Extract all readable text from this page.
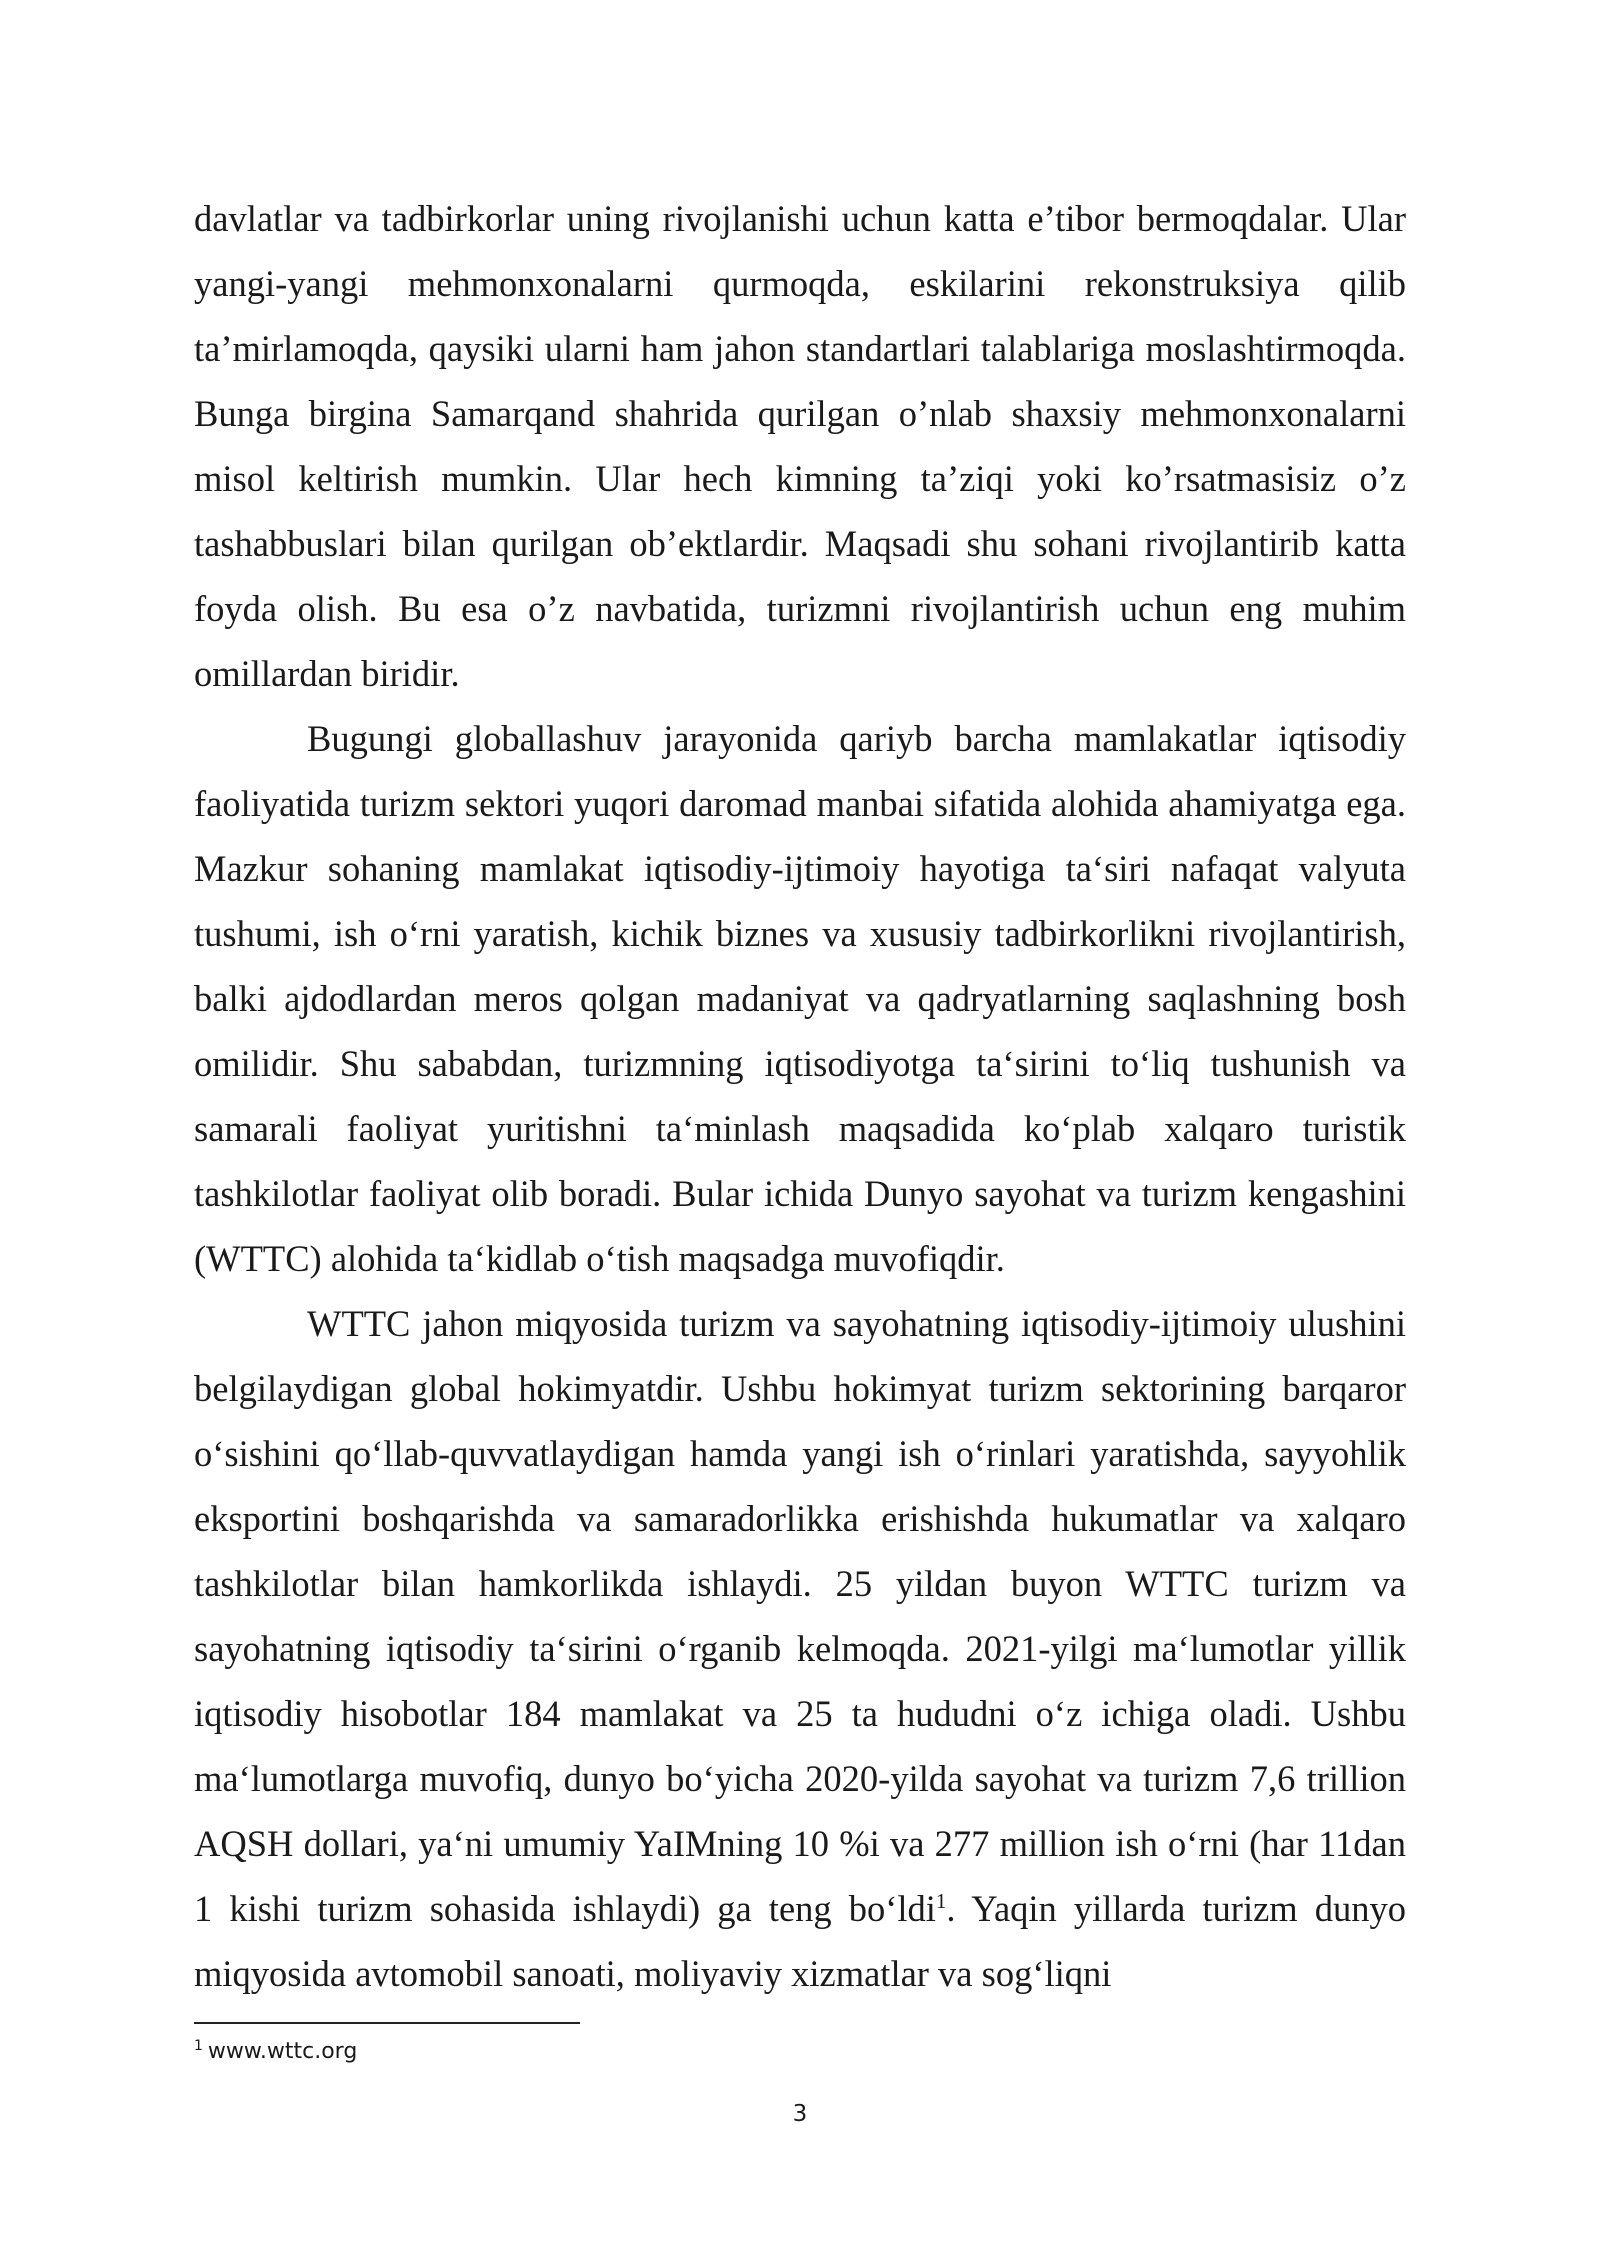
davlatlar va tadbirkorlar uning rivojlanishi uchun katta e’tibor bermoqdalar. Ular yangi-yangi mehmonxonalarni qurmoqda, eskilarini rekonstruksiya qilib ta’mirlamoqda, qaysiki ularni ham jahon standartlari talablariga moslashtirmoqda. Bunga birgina Samarqand shahrida qurilgan o’nlab shaxsiy mehmonxonalarni misol keltirish mumkin. Ular hech kimning ta’ziqi yoki ko’rsatmasisiz o’z tashabbuslari bilan qurilgan ob’ektlardir. Maqsadi shu sohani rivojlantirib katta foyda olish. Bu esa o’z navbatida, turizmni rivojlantirish uchun eng muhim omillardan biridir.

Bugungi globallashuv jarayonida qariyb barcha mamlakatlar iqtisodiy faoliyatida turizm sektori yuqori daromad manbai sifatida alohida ahamiyatga ega. Mazkur sohaning mamlakat iqtisodiy-ijtimoiy hayotiga ta‘siri nafaqat valyuta tushumi, ish o‘rni yaratish, kichik biznes va xususiy tadbirkorlikni rivojlantirish, balki ajdodlardan meros qolgan madaniyat va qadryatlarning saqlashning bosh omilidir. Shu sababdan, turizmning iqtisodiyotga ta‘sirini to‘liq tushunish va samarali faoliyat yuritishni ta‘minlash maqsadida ko‘plab xalqaro turistik tashkilotlar faoliyat olib boradi. Bular ichida Dunyo sayohat va turizm kengashini (WTTC) alohida ta‘kidlab o‘tish maqsadga muvofiqdir.

WTTC jahon miqyosida turizm va sayohatning iqtisodiy-ijtimoiy ulushini belgilaydigan global hokimyatdir. Ushbu hokimyat turizm sektorining barqaror o‘sishini qo‘llab-quvvatlaydigan hamda yangi ish o‘rinlari yaratishda, sayyohlik eksportini boshqarishda va samaradorlikka erishishda hukumatlar va xalqaro tashkilotlar bilan hamkorlikda ishlaydi. 25 yildan buyon WTTC turizm va sayohatning iqtisodiy ta‘sirini o‘rganib kelmoqda. 2021-yilgi ma‘lumotlar yillik iqtisodiy hisobotlar 184 mamlakat va 25 ta hududni o‘z ichiga oladi. Ushbu ma‘lumotlarga muvofiq, dunyo bo‘yicha 2020-yilda sayohat va turizm 7,6 trillion AQSH dollari, ya‘ni umumiy YaIMning 10 %i va 277 million ish o‘rni (har 11dan 1 kishi turizm sohasida ishlaydi) ga teng bo‘ldi$^1$. Yaqin yillarda turizm dunyo miqyosida avtomobil sanoati, moliyaviy xizmatlar va sog‘liqni

$^1$ www.wttc.org
3
